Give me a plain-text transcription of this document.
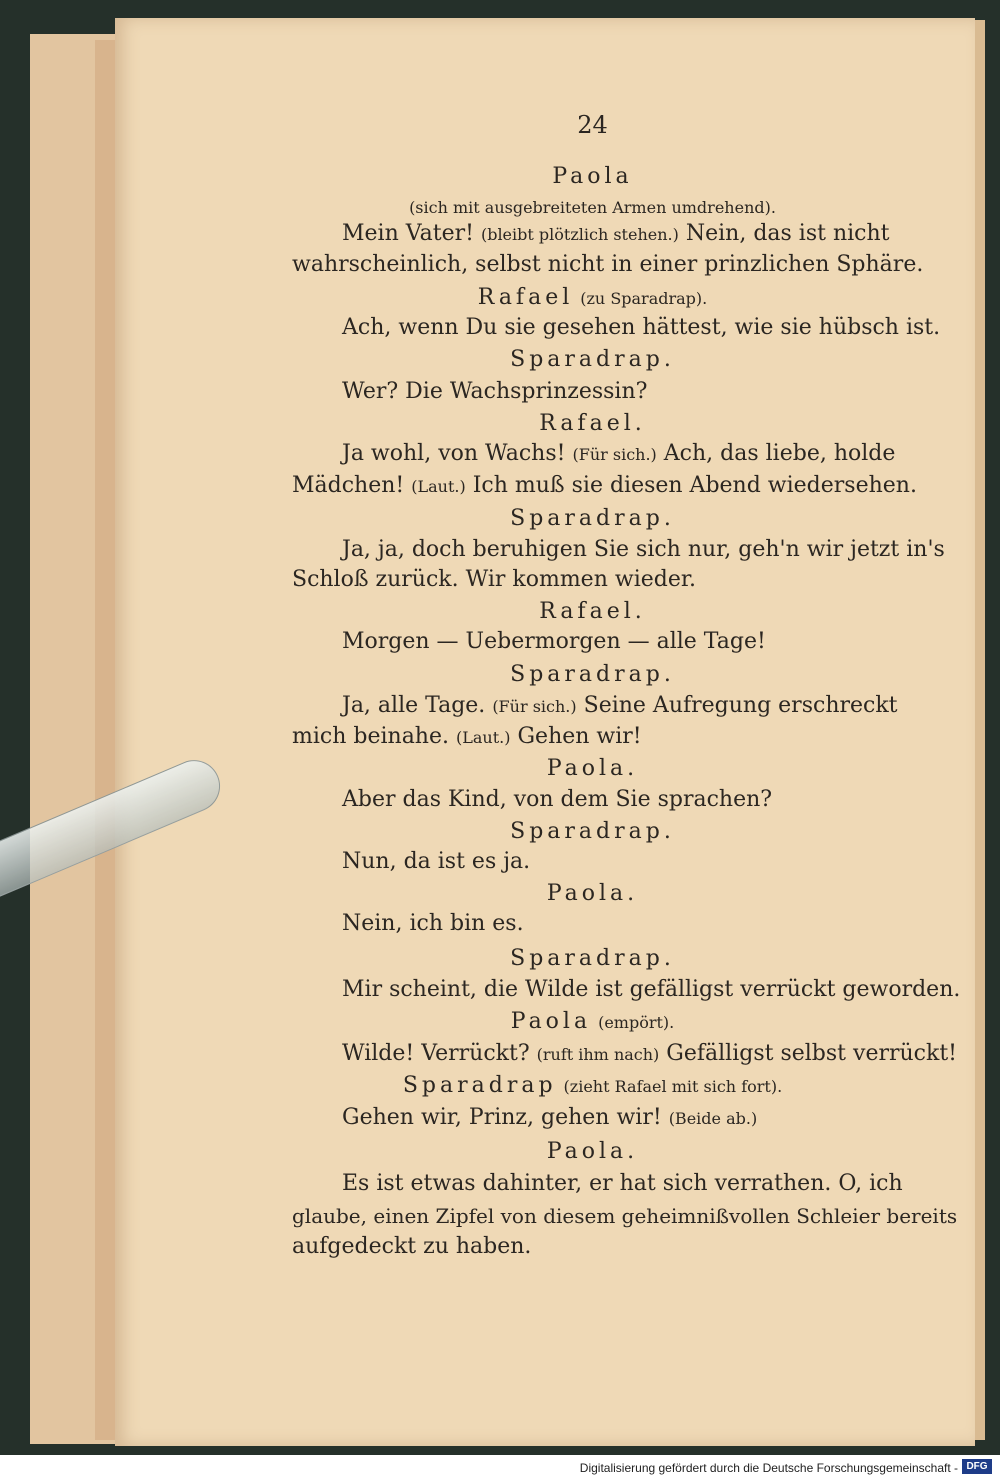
24
Paola
(sich mit ausgebreiteten Armen umdrehend).
Mein Vater! (bleibt plötzlich stehen.) Nein, das ist nicht
wahrscheinlich, selbst nicht in einer prinzlichen Sphäre.
Rafael (zu Sparadrap).
Ach, wenn Du sie gesehen hättest, wie sie hübsch ist.
Sparadrap.
Wer? Die Wachsprinzessin?
Rafael.
Ja wohl, von Wachs! (Für sich.) Ach, das liebe, holde
Mädchen! (Laut.) Ich muß sie diesen Abend wiedersehen.
Sparadrap.
Ja, ja, doch beruhigen Sie sich nur, geh'n wir jetzt in's
Schloß zurück. Wir kommen wieder.
Rafael.
Morgen — Uebermorgen — alle Tage!
Sparadrap.
Ja, alle Tage. (Für sich.) Seine Aufregung erschreckt
mich beinahe. (Laut.) Gehen wir!
Paola.
Aber das Kind, von dem Sie sprachen?
Sparadrap.
Nun, da ist es ja.
Paola.
Nein, ich bin es.
Sparadrap.
Mir scheint, die Wilde ist gefälligst verrückt geworden.
Paola (empört).
Wilde! Verrückt? (ruft ihm nach) Gefälligst selbst verrückt!
Sparadrap (zieht Rafael mit sich fort).
Gehen wir, Prinz, gehen wir! (Beide ab.)
Paola.
Es ist etwas dahinter, er hat sich verrathen. O, ich
glaube, einen Zipfel von diesem geheimnißvollen Schleier bereits
aufgedeckt zu haben.
Digitalisierung gefördert durch die Deutsche Forschungsgemeinschaft - DFG
